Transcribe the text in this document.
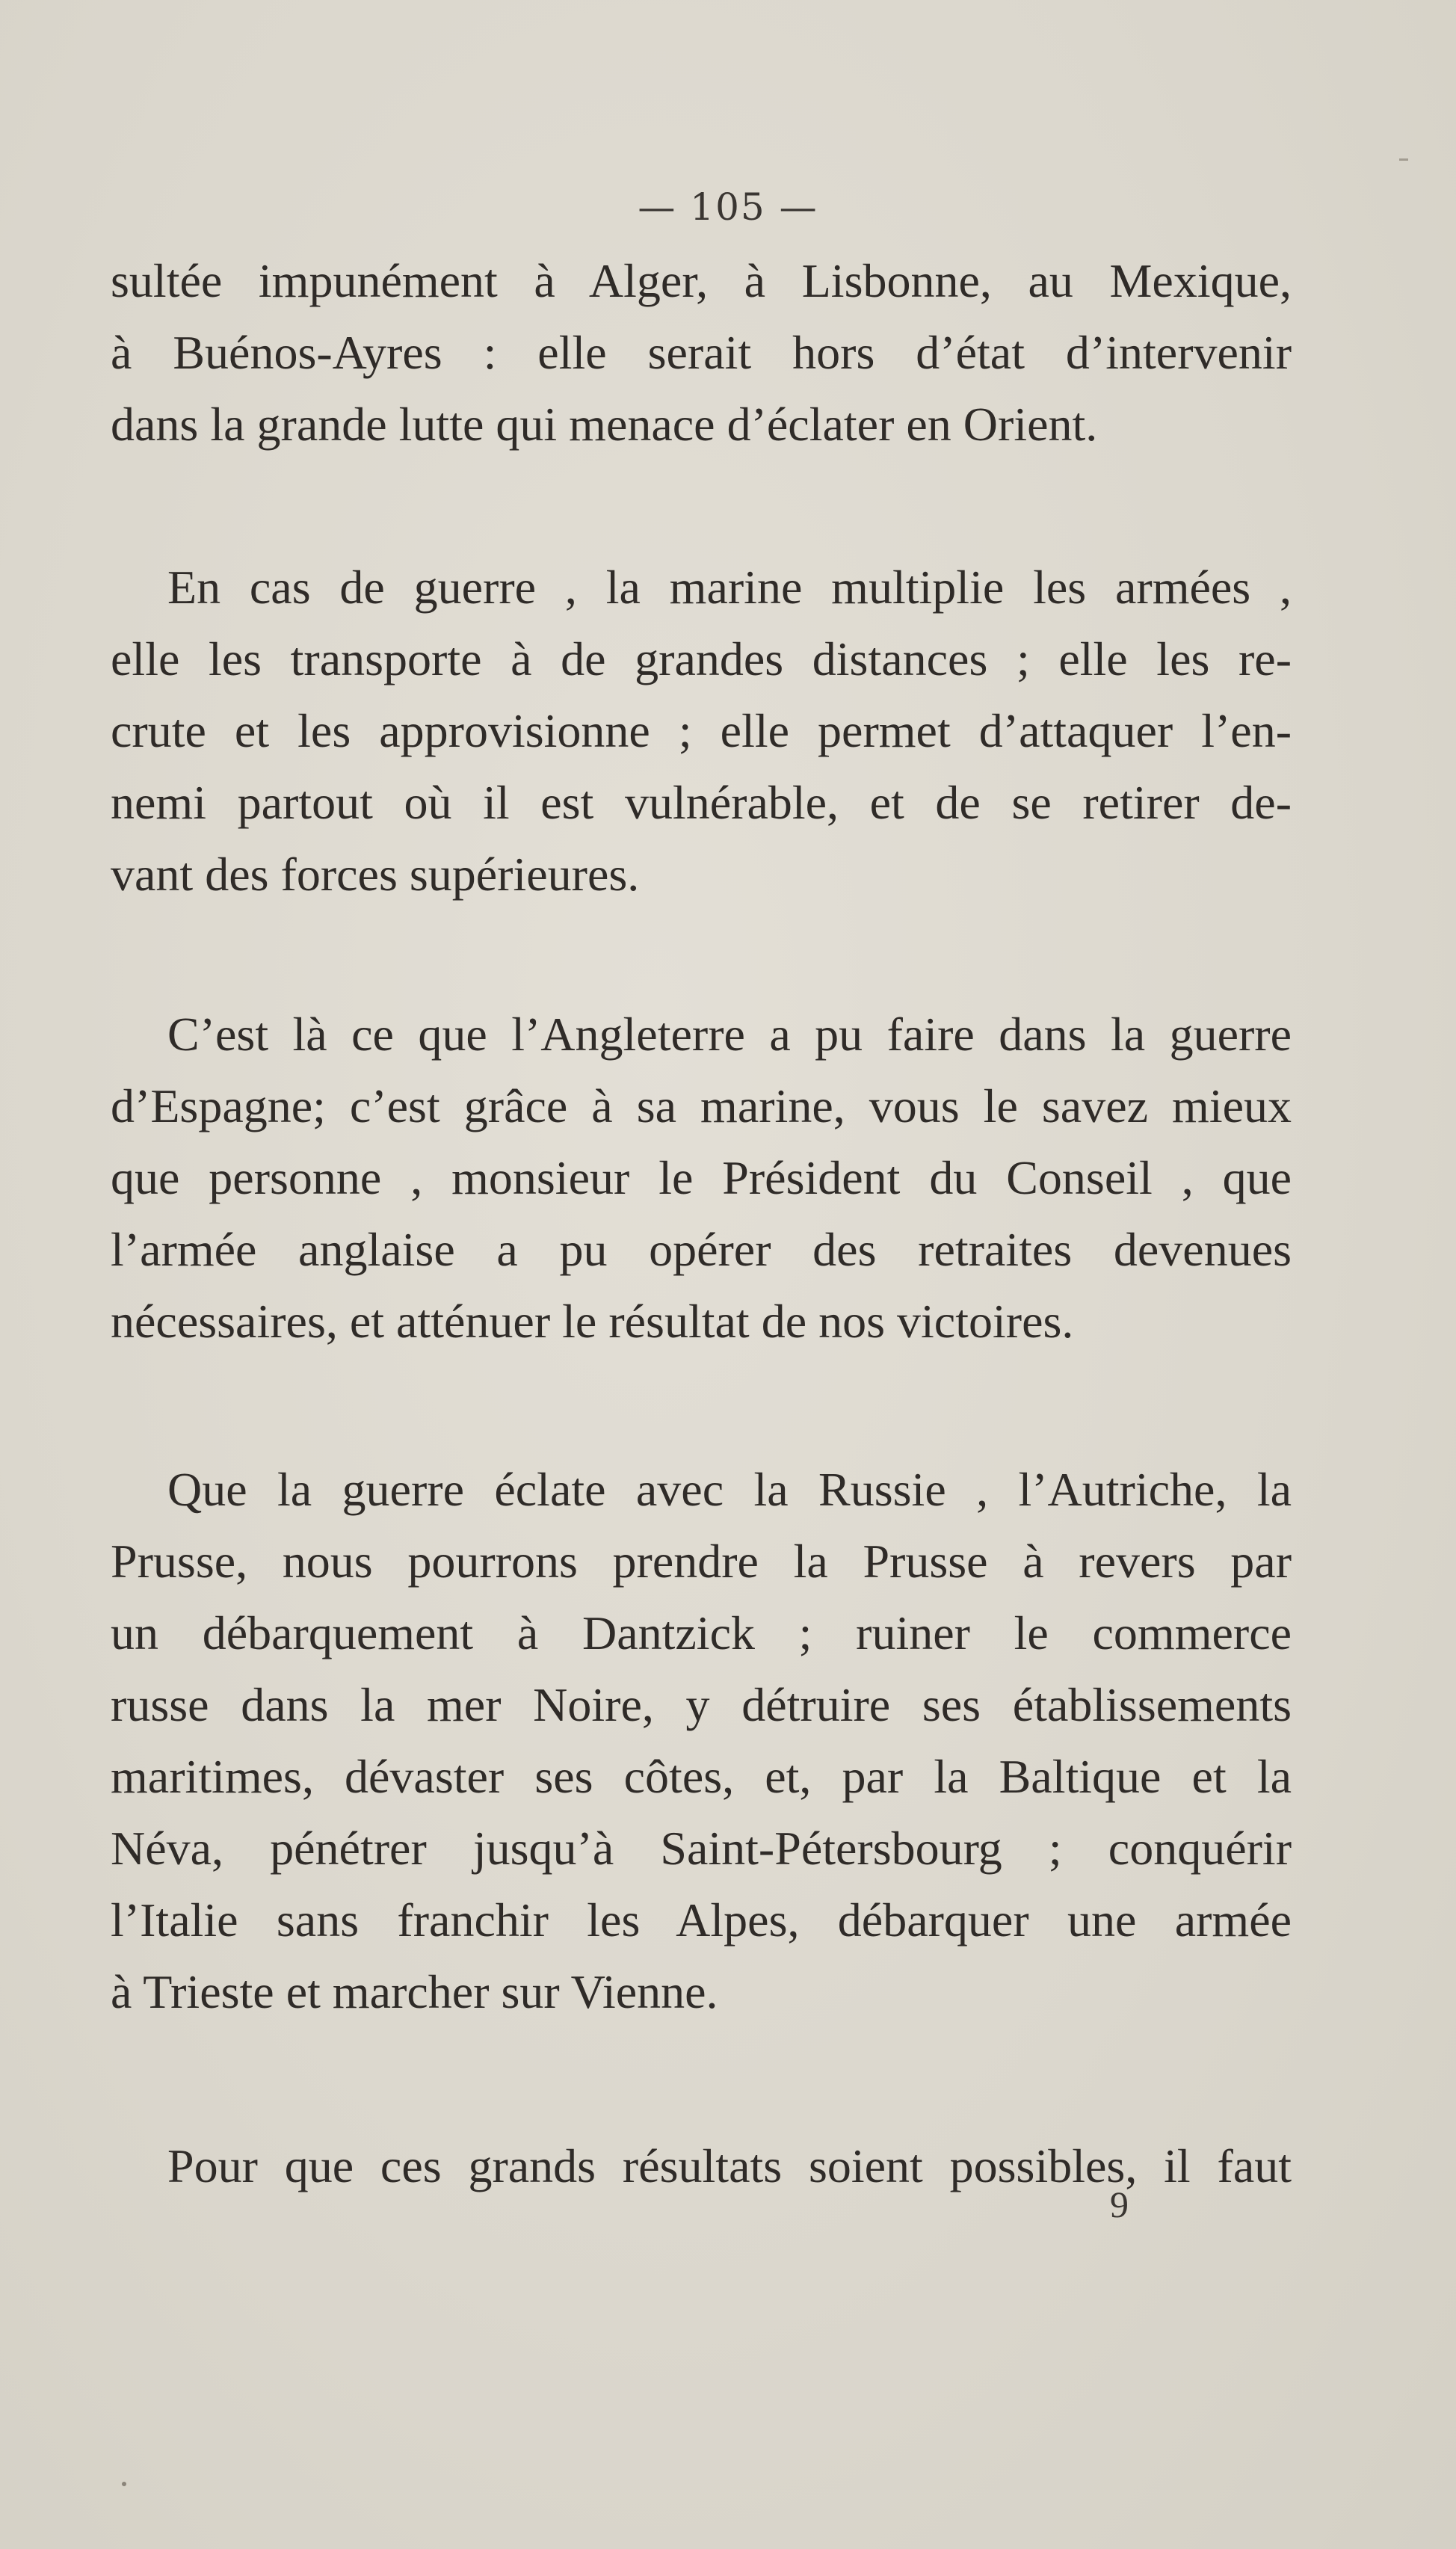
— 105 —
sultée impunément à Alger, à Lisbonne, au Mexique,
à Buénos-Ayres : elle serait hors d’état d’intervenir
dans la grande lutte qui menace d’éclater en Orient.
En cas de guerre , la marine multiplie les armées ,
elle les transporte à de grandes distances ; elle les re-
crute et les approvisionne ; elle permet d’attaquer l’en-
nemi partout où il est vulnérable, et de se retirer de-
vant des forces supérieures.
C’est là ce que l’Angleterre a pu faire dans la guerre
d’Espagne; c’est grâce à sa marine, vous le savez mieux
que personne , monsieur le Président du Conseil , que
l’armée anglaise a pu opérer des retraites devenues
nécessaires, et atténuer le résultat de nos victoires.
Que la guerre éclate avec la Russie , l’Autriche, la
Prusse, nous pourrons prendre la Prusse à revers par
un débarquement à Dantzick ; ruiner le commerce
russe dans la mer Noire, y détruire ses établissements
maritimes, dévaster ses côtes, et, par la Baltique et la
Néva, pénétrer jusqu’à Saint-Pétersbourg ; conquérir
l’Italie sans franchir les Alpes, débarquer une armée
à Trieste et marcher sur Vienne.
Pour que ces grands résultats soient possibles, il faut
9
